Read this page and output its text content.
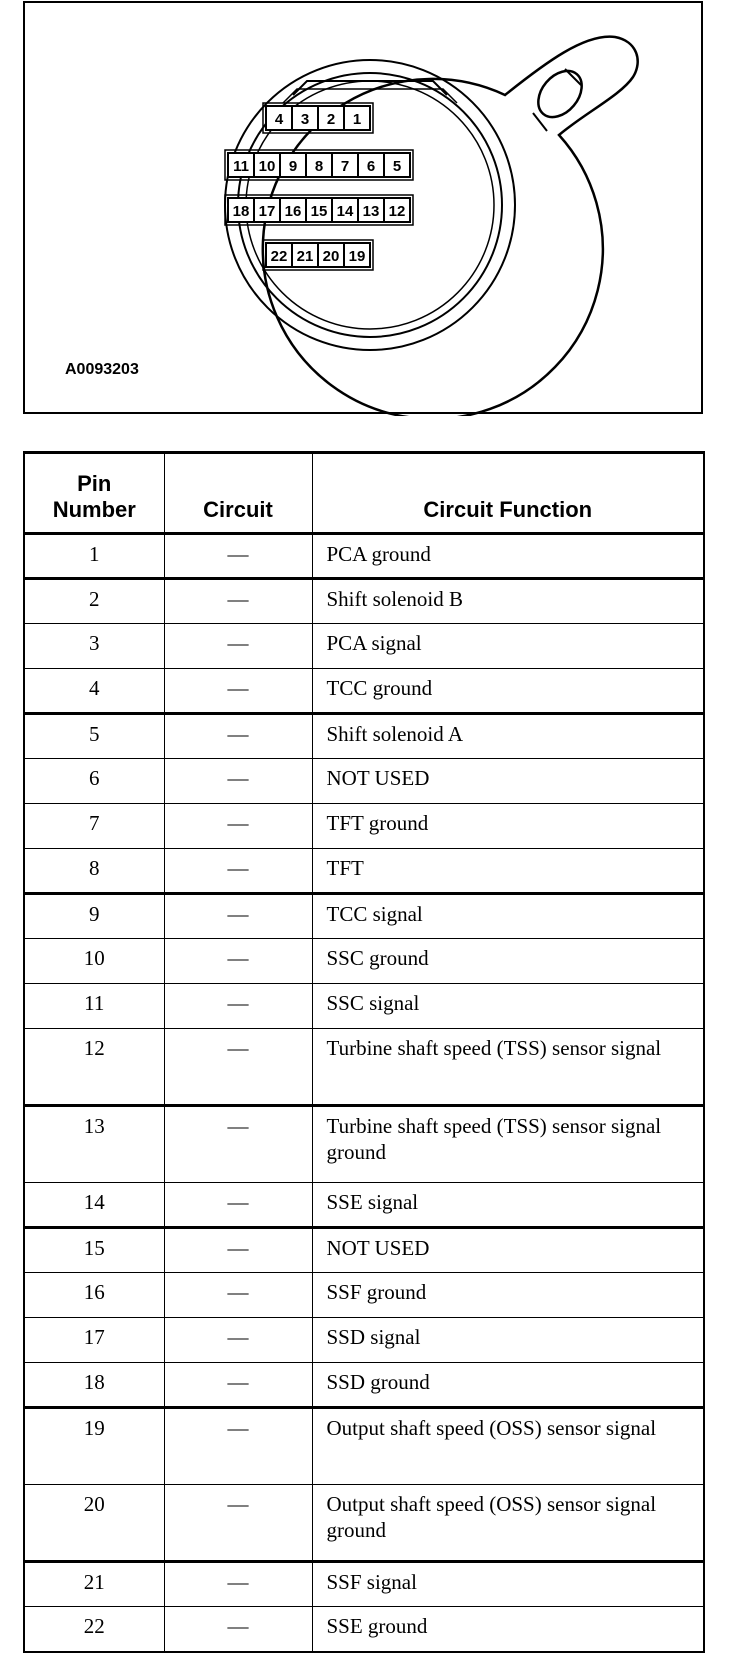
4 3 2 1
11 10 9 8 7 6 5
18 17 16 15 14 13 12
22 21 20 19
A0093203
Pin
Number	Circuit	Circuit Function
1	—	PCA ground
2	—	Shift solenoid B
3	—	PCA signal
4	—	TCC ground
5	—	Shift solenoid A
6	—	NOT USED
7	—	TFT ground
8	—	TFT
9	—	TCC signal
10	—	SSC ground
11	—	SSC signal
12	—	Turbine shaft speed (TSS) sensor signal
13	—	Turbine shaft speed (TSS) sensor signal ground
14	—	SSE signal
15	—	NOT USED
16	—	SSF ground
17	—	SSD signal
18	—	SSD ground
19	—	Output shaft speed (OSS) sensor signal
20	—	Output shaft speed (OSS) sensor signal ground
21	—	SSF signal
22	—	SSE ground
